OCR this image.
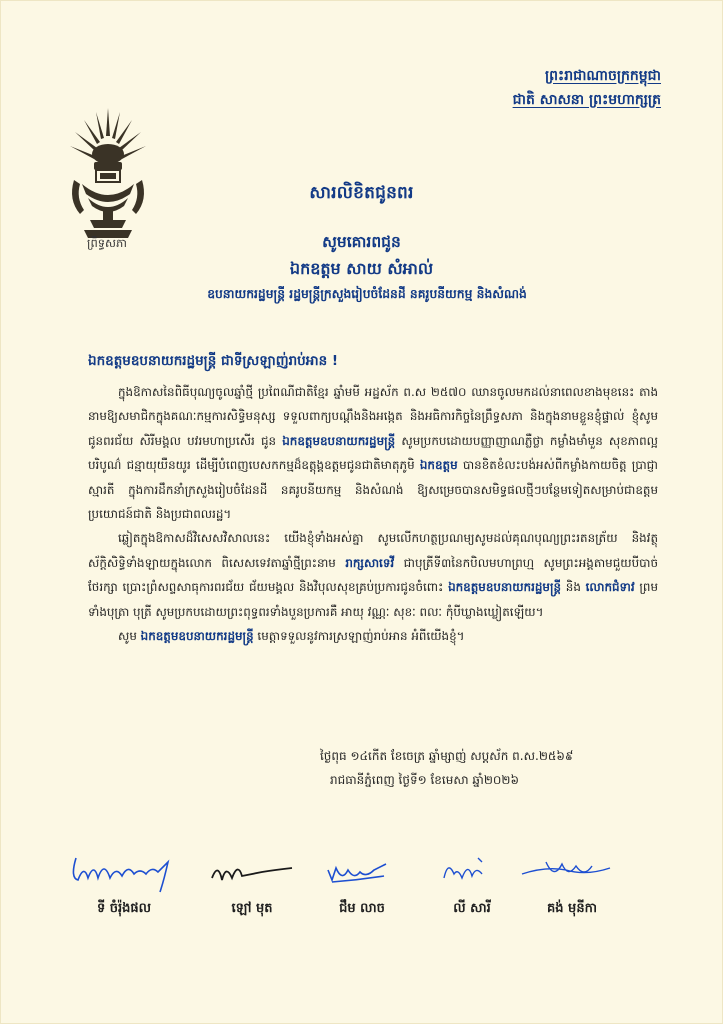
ព្រះរាជាណាចក្រកម្ពុជា
ជាតិ សាសនា ព្រះមហាក្សត្រ
ព្រឹទ្ធសភា
សារលិខិតជូនពរ
សូមគោរពជូន
ឯកឧត្តម សាយ សំអាល់
ឧបនាយករដ្ឋមន្ត្រី រដ្ឋមន្ត្រីក្រសួងរៀបចំដែនដី នគរូបនីយកម្ម និងសំណង់
ឯកឧត្តមឧបនាយករដ្ឋមន្ត្រី ជាទីស្រឡាញ់រាប់អាន !

ក្នុងឱកាសនៃពិធីបុណ្យចូលឆ្នាំថ្មី ប្រពៃណីជាតិខ្មែរ ឆ្នាំមមី អដ្ឋស័ក ព.ស ២៥៧០ ឈានចូលមកដល់នាពេលខាងមុខនេះ តាងនាមឱ្យសមាជិកក្នុងគណៈកម្មការសិទ្ធិមនុស្ស ទទួលពាក្យបណ្តឹងនិងអង្កេត និងអធិការកិច្ចនៃព្រឹទ្ធសភា និងក្នុងនាមខ្លួនខ្ញុំផ្ទាល់ ខ្ញុំសូមជូនពរជ័យ សិរីមង្គល បវរមហាប្រសើរ ជូន ឯកឧត្តមឧបនាយករដ្ឋមន្ត្រី សូមប្រកបដោយបញ្ញាញាណភ្លឺថ្លា កម្លាំងមាំមួន សុខភាពល្អបរិបូណ៌ ជន្មាយុយឺនយូរ ដើម្បីបំពេញបេសកកម្មដ៏ឧត្តុង្គឧត្តមជូនជាតិមាតុភូមិ ឯកឧត្តម បានខិតខំលះបង់អស់ពីកម្លាំងកាយចិត្ត ប្រាជ្ញាស្មារតី ក្នុងការដឹកនាំក្រសួងរៀបចំដែនដី នគរូបនីយកម្ម និងសំណង់ ឱ្យសម្រេចបានសមិទ្ធផលថ្មីៗបន្ថែមទៀតសម្រាប់ជាឧត្តមប្រយោជន៍ជាតិ និងប្រជាពលរដ្ឋ។

ឆ្លៀតក្នុងឱកាសដ៏វិសេសវិសាលនេះ យើងខ្ញុំទាំងអស់គ្នា សូមលើកហត្ថប្រណម្យសូមដល់គុណបុណ្យព្រះរតនត្រ័យ និងវត្ថុស័ក្តិសិទ្ធិទាំងឡាយក្នុងលោក ពិសេសទេវតាឆ្នាំថ្មីព្រះនាម រាក្សសាទេវី ជាបុត្រីទី៣នៃកបិលមហាព្រហ្ម សូមព្រះអង្គតាមជួយបីបាច់ថែរក្សា ប្រោះព្រំសព្ទសាធុការពរជ័យ ជ័យមង្គល និងវិបុលសុខគ្រប់ប្រការជូនចំពោះ ឯកឧត្តមឧបនាយករដ្ឋមន្ត្រី និង លោកជំទាវ ព្រមទាំងបុត្រា បុត្រី សូមប្រកបដោយព្រះពុទ្ធពរទាំងបួនប្រការគឺ អាយុ វណ្ណៈ សុខៈ ពលៈ កុំបីឃ្លាងឃ្លៀតឡើយ។

សូម ឯកឧត្តមឧបនាយករដ្ឋមន្ត្រី មេត្តាទទួលនូវការស្រឡាញ់រាប់អាន អំពីយើងខ្ញុំ។

ថ្ងៃពុធ ១៤កើត ខែចេត្រ ឆ្នាំម្សាញ់ សប្តស័ក ព.ស.២៥៦៩
រាជធានីភ្នំពេញ ថ្ងៃទី១ ខែមេសា ឆ្នាំ២០២៦
ទី ចំរ៉ុងផល	ឡៅ មុត	ជឹម លាច	លី សារី	គង់ មុនីកា
